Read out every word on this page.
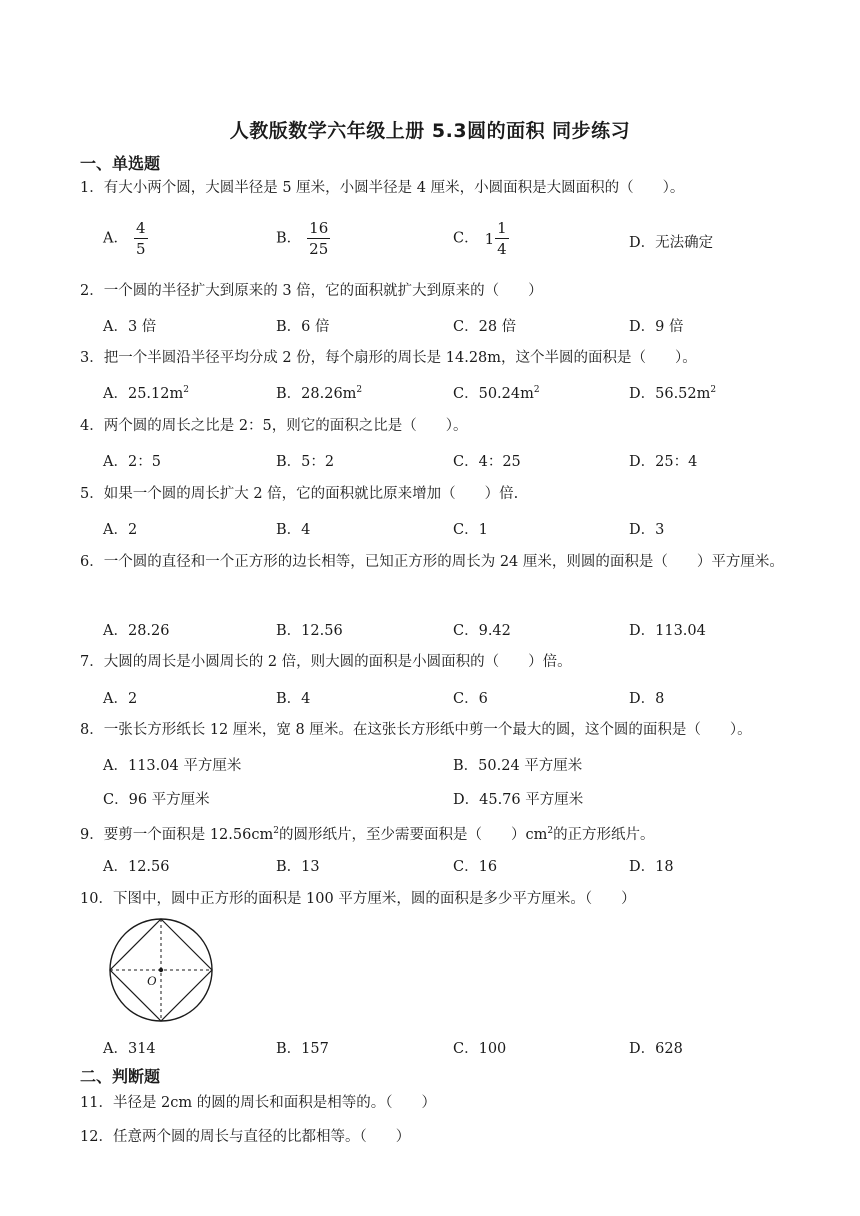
人教版数学六年级上册 5.3圆的面积 同步练习
一、单选题
1．有大小两个圆，大圆半径是 5 厘米，小圆半径是 4 厘米，小圆面积是大圆面积的（　　）。
A． $\frac{4}{5}$	B． $\frac{16}{25}$	C． $1 \frac{1}{4}$	D．无法确定
2．一个圆的半径扩大到原来的 3 倍，它的面积就扩大到原来的（　　）
A．3 倍	B．6 倍	C．28 倍	D．9 倍
3．把一个半圆沿半径平均分成 2 份，每个扇形的周长是 14.28m，这个半圆的面积是（　　）。
A．$25.12m^2$	B．$28.26m^2$	C．$50.24m^2$	D．$56.52m^2$
4．两个圆的周长之比是 2：5，则它的面积之比是（　　）。
A．2：5	B．5：2	C．4：25	D．25：4
5．如果一个圆的周长扩大 2 倍，它的面积就比原来增加（　　）倍.
A．2	B．4	C．1	D．3
6．一个圆的直径和一个正方形的边长相等，已知正方形的周长为 24 厘米，则圆的面积是（　　）平方厘米。
A．28.26	B．12.56	C．9.42	D．113.04
7．大圆的周长是小圆周长的 2 倍，则大圆的面积是小圆面积的（　　）倍。
A．2	B．4	C．6	D．8
8．一张长方形纸长 12 厘米，宽 8 厘米。在这张长方形纸中剪一个最大的圆，这个圆的面积是（　　）。
A．113.04 平方厘米	B．50.24 平方厘米
C．96 平方厘米	D．45.76 平方厘米
9．要剪一个面积是 $12.56cm^2$的圆形纸片，至少需要面积是（　　）$cm^2$的正方形纸片。
A．12.56	B．13	C．16	D．18
10．下图中，圆中正方形的面积是 100 平方厘米，圆的面积是多少平方厘米。（　　）
O
A．314	B．157	C．100	D．628
二、判断题
11．半径是 2cm 的圆的周长和面积是相等的。（　　）
12．任意两个圆的周长与直径的比都相等。（　　）
